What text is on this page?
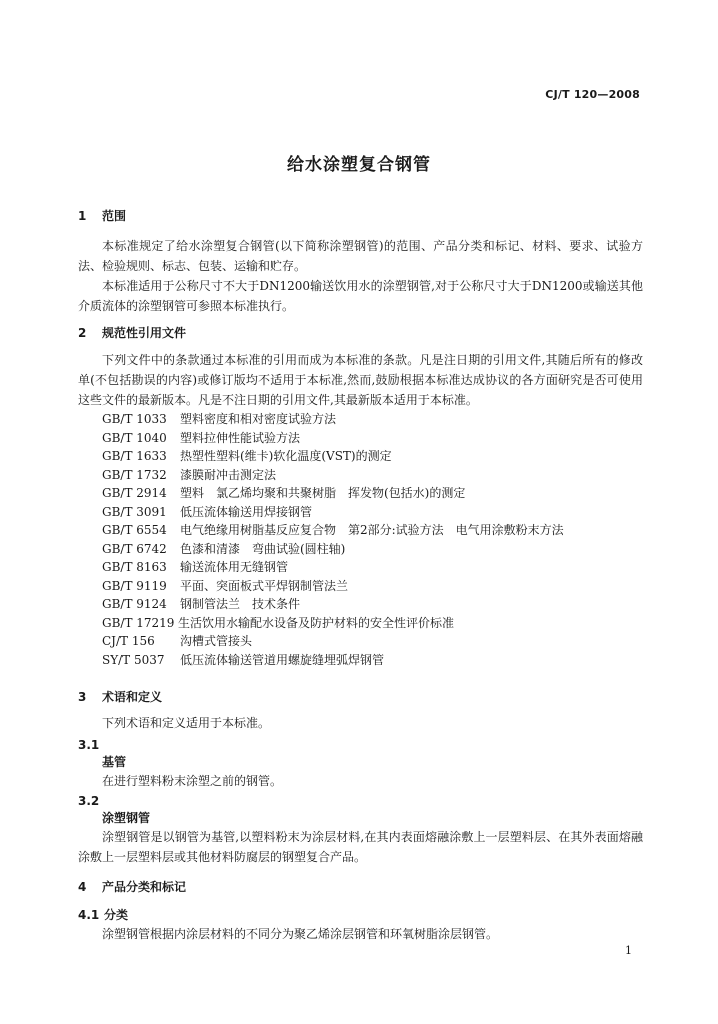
CJ/T 120—2008
给水涂塑复合钢管
1 范围

本标准规定了给水涂塑复合钢管(以下简称涂塑钢管)的范围、产品分类和标记、材料、要求、试验方法、检验规则、标志、包装、运输和贮存。

本标准适用于公称尺寸不大于DN1200输送饮用水的涂塑钢管,对于公称尺寸大于DN1200或输送其他介质流体的涂塑钢管可参照本标准执行。

2 规范性引用文件

下列文件中的条款通过本标准的引用而成为本标准的条款。凡是注日期的引用文件,其随后所有的修改单(不包括勘误的内容)或修订版均不适用于本标准,然而,鼓励根据本标准达成协议的各方面研究是否可使用这些文件的最新版本。凡是不注日期的引用文件,其最新版本适用于本标准。

GB/T 1033 塑料密度和相对密度试验方法
GB/T 1040 塑料拉伸性能试验方法
GB/T 1633 热塑性塑料(维卡)软化温度(VST)的测定
GB/T 1732 漆膜耐冲击测定法
GB/T 2914 塑料　氯乙烯均聚和共聚树脂　挥发物(包括水)的测定
GB/T 3091 低压流体输送用焊接钢管
GB/T 6554 电气绝缘用树脂基反应复合物　第2部分:试验方法　电气用涂敷粉末方法
GB/T 6742 色漆和清漆　弯曲试验(圆柱轴)
GB/T 8163 输送流体用无缝钢管
GB/T 9119 平面、突面板式平焊钢制管法兰
GB/T 9124 钢制管法兰　技术条件
GB/T 17219 生活饮用水输配水设备及防护材料的安全性评价标准
CJ/T 156 沟槽式管接头
SY/T 5037 低压流体输送管道用螺旋缝埋弧焊钢管
3 术语和定义
下列术语和定义适用于本标准。
3.1
基管
在进行塑料粉末涂塑之前的钢管。
3.2
涂塑钢管

涂塑钢管是以钢管为基管,以塑料粉末为涂层材料,在其内表面熔融涂敷上一层塑料层、在其外表面熔融涂敷上一层塑料层或其他材料防腐层的钢塑复合产品。

4 产品分类和标记
4.1 分类
涂塑钢管根据内涂层材料的不同分为聚乙烯涂层钢管和环氧树脂涂层钢管。
1
